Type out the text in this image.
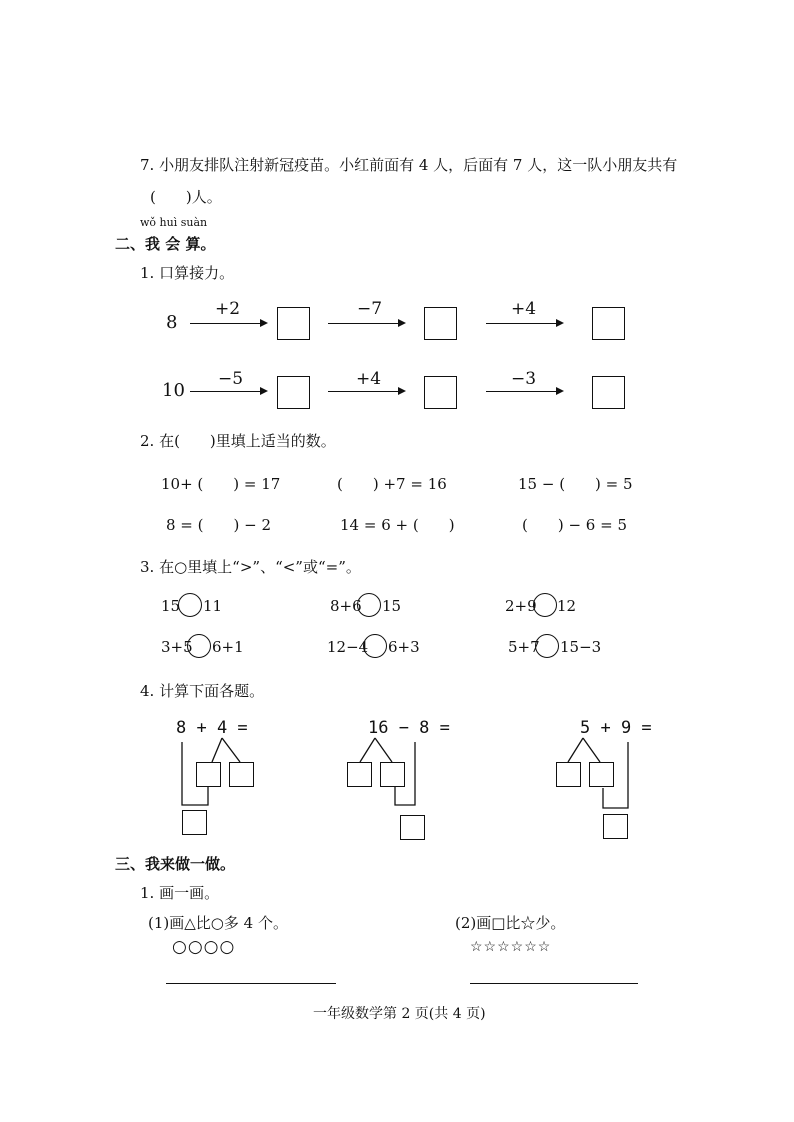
7. 小朋友排队注射新冠疫苗。小红前面有 4 人，后面有 7 人，这一队小朋友共有
(　　)人。
wǒ huì suàn
二、我 会 算。
1. 口算接力。
8
+2	−7	+4
10
−5	+4	−3
2. 在(　　)里填上适当的数。
10+ (　　) = 17	(　　) +7 = 16	15 − (　　) = 5
8 = (　　) − 2	14 = 6 + (　　)	(　　) − 6 = 5
3. 在○里填上“>”、“<”或“=”。
15 11	8+6 15	2+9 12
3+5 6+1	12−4 6+3	5+7 15−3
4. 计算下面各题。
8 + 4 =	16 − 8 =	5 + 9 =
三、我来做一做。
1. 画一画。
(1)画△比○多 4 个。
○○○○
(2)画□比☆少。
☆☆☆☆☆☆
一年级数学第 2 页(共 4 页)
